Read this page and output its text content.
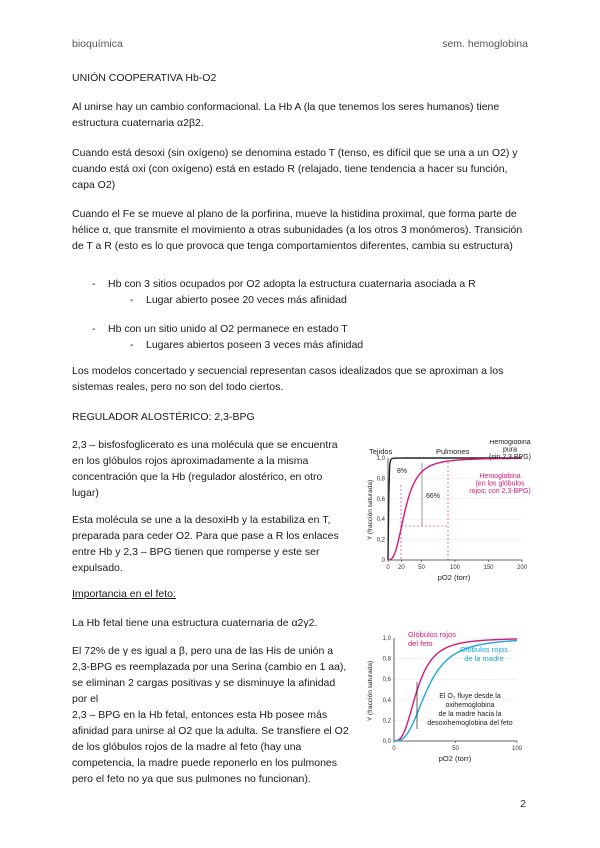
bioquímica	sem. hemoglobina
UNIÓN COOPERATIVA Hb-O2
Al unirse hay un cambio conformacional. La Hb A (la que tenemos los seres humanos) tiene estructura cuaternaria α2β2.
Cuando está desoxi (sin oxígeno) se denomina estado T (tenso, es difícil que se una a un O2) y cuando está oxi (con oxígeno) está en estado R (relajado, tiene tendencia a hacer su función, capa O2)
Cuando el Fe se mueve al plano de la porfirina, mueve la histidina proximal, que forma parte de hélice α, que transmite el movimiento a otras subunidades (a los otros 3 monómeros). Transición de T a R (esto es lo que provoca que tenga comportamientos diferentes, cambia su estructura)
- Hb con 3 sitios ocupados por O2 adopta la estructura cuaternaria asociada a R
- Lugar abierto posee 20 veces más afinidad
- Hb con un sitio unido al O2 permanece en estado T
- Lugares abiertos poseen 3 veces más afinidad
Los modelos concertado y secuencial representan casos idealizados que se aproximan a los sistemas reales, pero no son del todo ciertos.
REGULADOR ALOSTÉRICO: 2,3-BPG
2,3 – bisfosfoglicerato es una molécula que se encuentra en los glóbulos rojos aproximadamente a la misma concentración que la Hb (regulador alostérico, en otro lugar)
Esta molécula se une a la desoxiHb y la estabiliza en T, preparada para ceder O2. Para que pase a R los enlaces entre Hb y 2,3 – BPG tienen que romperse y este ser expulsado.
Importancia en el feto:
La Hb fetal tiene una estructura cuaternaria de α2γ2.
El 72% de γ es igual a β, pero una de las His de unión a 2,3-BPG es reemplazada por una Serina (cambio en 1 aa), se eliminan 2 cargas positivas y se disminuye la afinidad por el
2,3 – BPG en la Hb fetal, entonces esta Hb posee más afinidad para unirse al O2 que la adulta. Se transfiere el O2 de los glóbulos rojos de la madre al feto (hay una competencia, la madre puede reponerlo en los pulmones pero el feto no ya que sus pulmones no funcionan).
0
0,2
0,4
0,6
0,8
1,0
0 20 50	100	150	200
Tejidos	Pulmones
8%
66%
Hemoglobina pura (sin 2,3 BPG)
Hemoglobina (en los glóbulos rojos; con 2,3-BPG)
pO2 (torr)
Y (fracción saturada)
0,0
0,2
0,4
0,6
0,8
1,0
0	50	100
Glóbulos rojos del feto
Glóbulos rojos de la madre
El O₂ fluye desde la oxihemoglobina de la madre hacia la desoxihemoglobina del feto
pO2 (torr)
Y (fracción saturada)
2
